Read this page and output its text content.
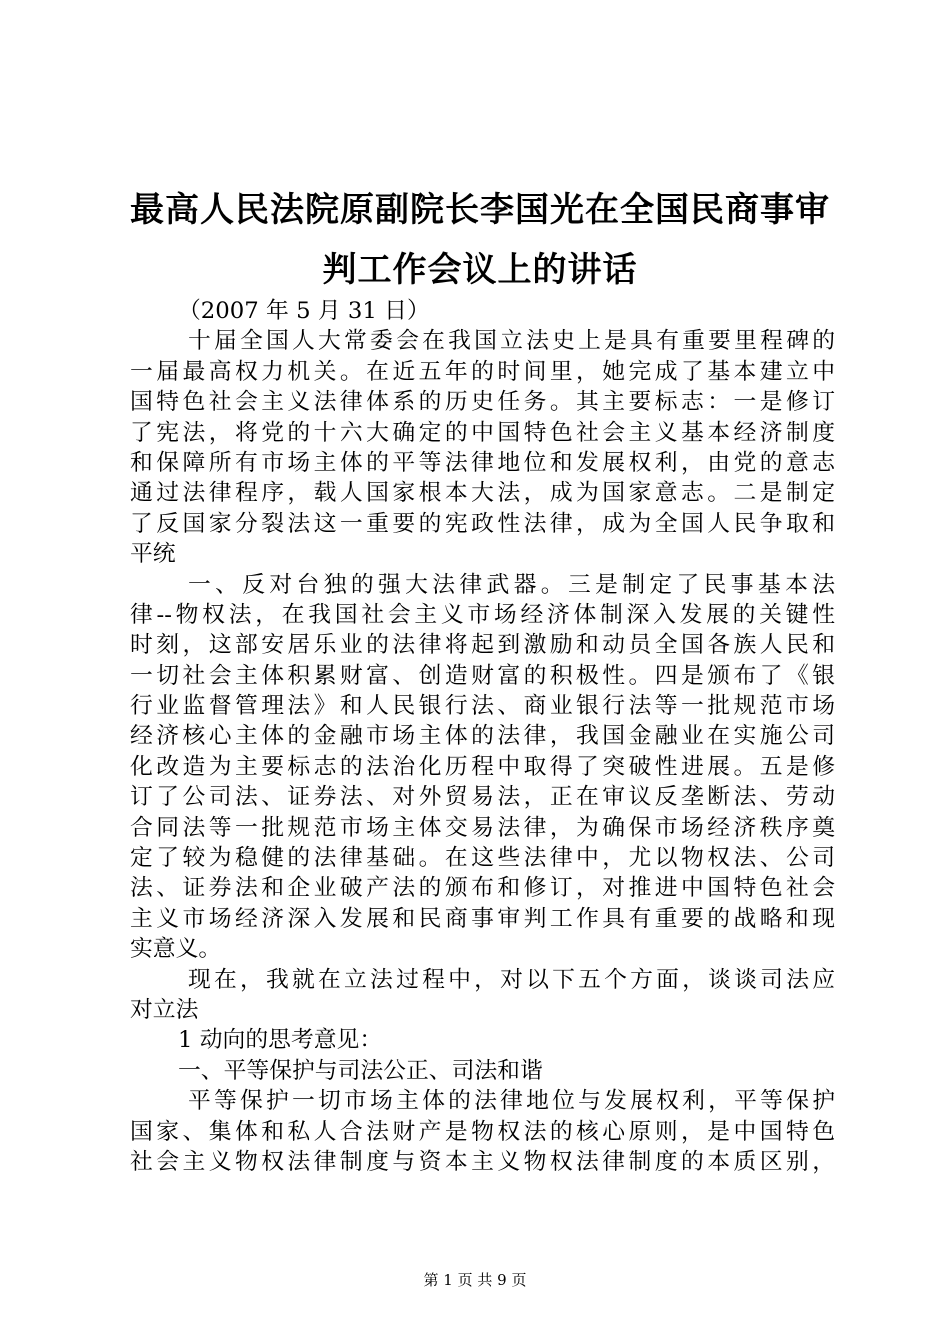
最高人民法院原副院长李国光在全国民商事审
判工作会议上的讲话
（2007 年 5 月 31 日）
十届全国人大常委会在我国立法史上是具有重要里程碑的
一届最高权力机关。在近五年的时间里，她完成了基本建立中
国特色社会主义法律体系的历史任务。其主要标志：一是修订
了宪法，将党的十六大确定的中国特色社会主义基本经济制度
和保障所有市场主体的平等法律地位和发展权利，由党的意志
通过法律程序，载人国家根本大法，成为国家意志。二是制定
了反国家分裂法这一重要的宪政性法律，成为全国人民争取和
平统
一、反对台独的强大法律武器。三是制定了民事基本法
律--物权法，在我国社会主义市场经济体制深入发展的关键性
时刻，这部安居乐业的法律将起到激励和动员全国各族人民和
一切社会主体积累财富、创造财富的积极性。四是颁布了《银
行业监督管理法》和人民银行法、商业银行法等一批规范市场
经济核心主体的金融市场主体的法律，我国金融业在实施公司
化改造为主要标志的法治化历程中取得了突破性进展。五是修
订了公司法、证券法、对外贸易法，正在审议反垄断法、劳动
合同法等一批规范市场主体交易法律，为确保市场经济秩序奠
定了较为稳健的法律基础。在这些法律中，尤以物权法、公司
法、证券法和企业破产法的颁布和修订，对推进中国特色社会
主义市场经济深入发展和民商事审判工作具有重要的战略和现
实意义。
现在，我就在立法过程中，对以下五个方面，谈谈司法应
对立法
1 动向的思考意见：
一、平等保护与司法公正、司法和谐
平等保护一切市场主体的法律地位与发展权利，平等保护
国家、集体和私人合法财产是物权法的核心原则，是中国特色
社会主义物权法律制度与资本主义物权法律制度的本质区别，
第 1 页 共 9 页
